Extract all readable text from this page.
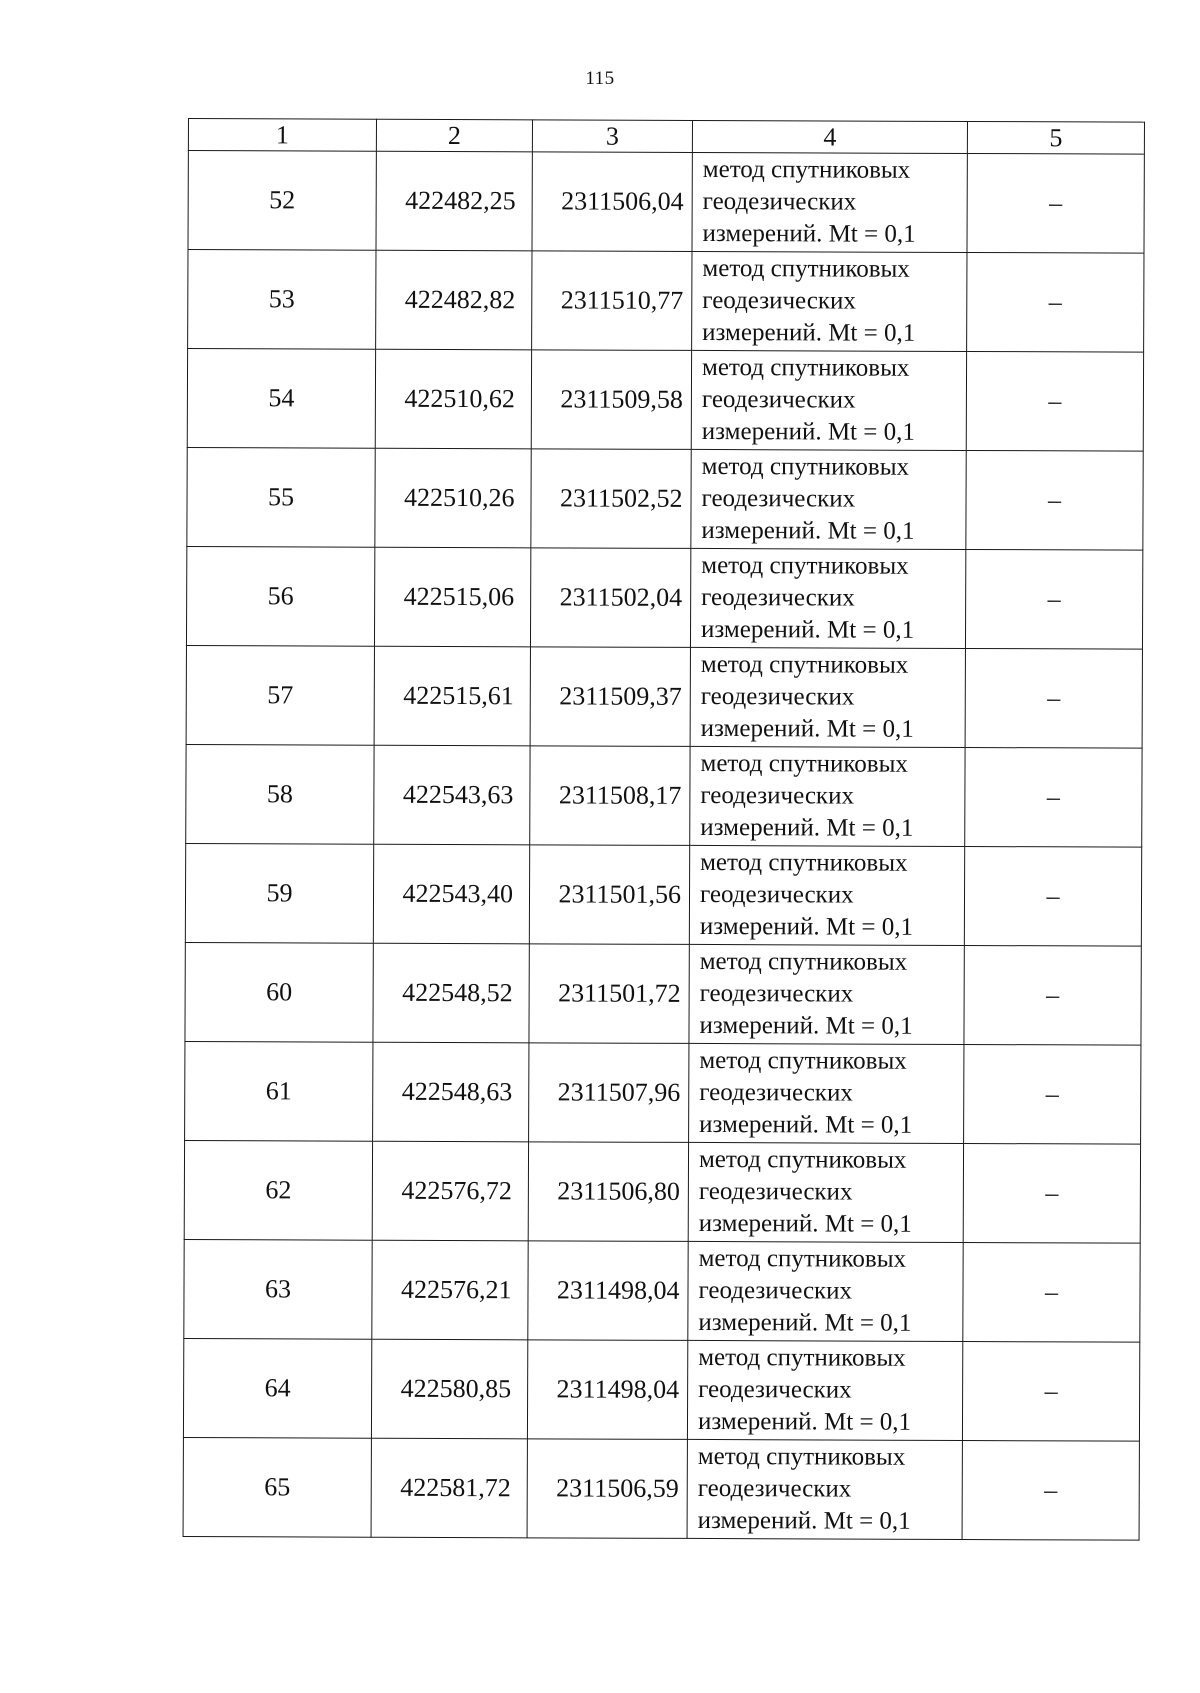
115
1	2	3	4	5
52	422482,25	2311506,04	метод спутниковых
геодезических
измерений. Mt = 0,1	–
53	422482,82	2311510,77	метод спутниковых
геодезических
измерений. Mt = 0,1	–
54	422510,62	2311509,58	метод спутниковых
геодезических
измерений. Mt = 0,1	–
55	422510,26	2311502,52	метод спутниковых
геодезических
измерений. Mt = 0,1	–
56	422515,06	2311502,04	метод спутниковых
геодезических
измерений. Mt = 0,1	–
57	422515,61	2311509,37	метод спутниковых
геодезических
измерений. Mt = 0,1	–
58	422543,63	2311508,17	метод спутниковых
геодезических
измерений. Mt = 0,1	–
59	422543,40	2311501,56	метод спутниковых
геодезических
измерений. Mt = 0,1	–
60	422548,52	2311501,72	метод спутниковых
геодезических
измерений. Mt = 0,1	–
61	422548,63	2311507,96	метод спутниковых
геодезических
измерений. Mt = 0,1	–
62	422576,72	2311506,80	метод спутниковых
геодезических
измерений. Mt = 0,1	–
63	422576,21	2311498,04	метод спутниковых
геодезических
измерений. Mt = 0,1	–
64	422580,85	2311498,04	метод спутниковых
геодезических
измерений. Mt = 0,1	–
65	422581,72	2311506,59	метод спутниковых
геодезических
измерений. Mt = 0,1	–
